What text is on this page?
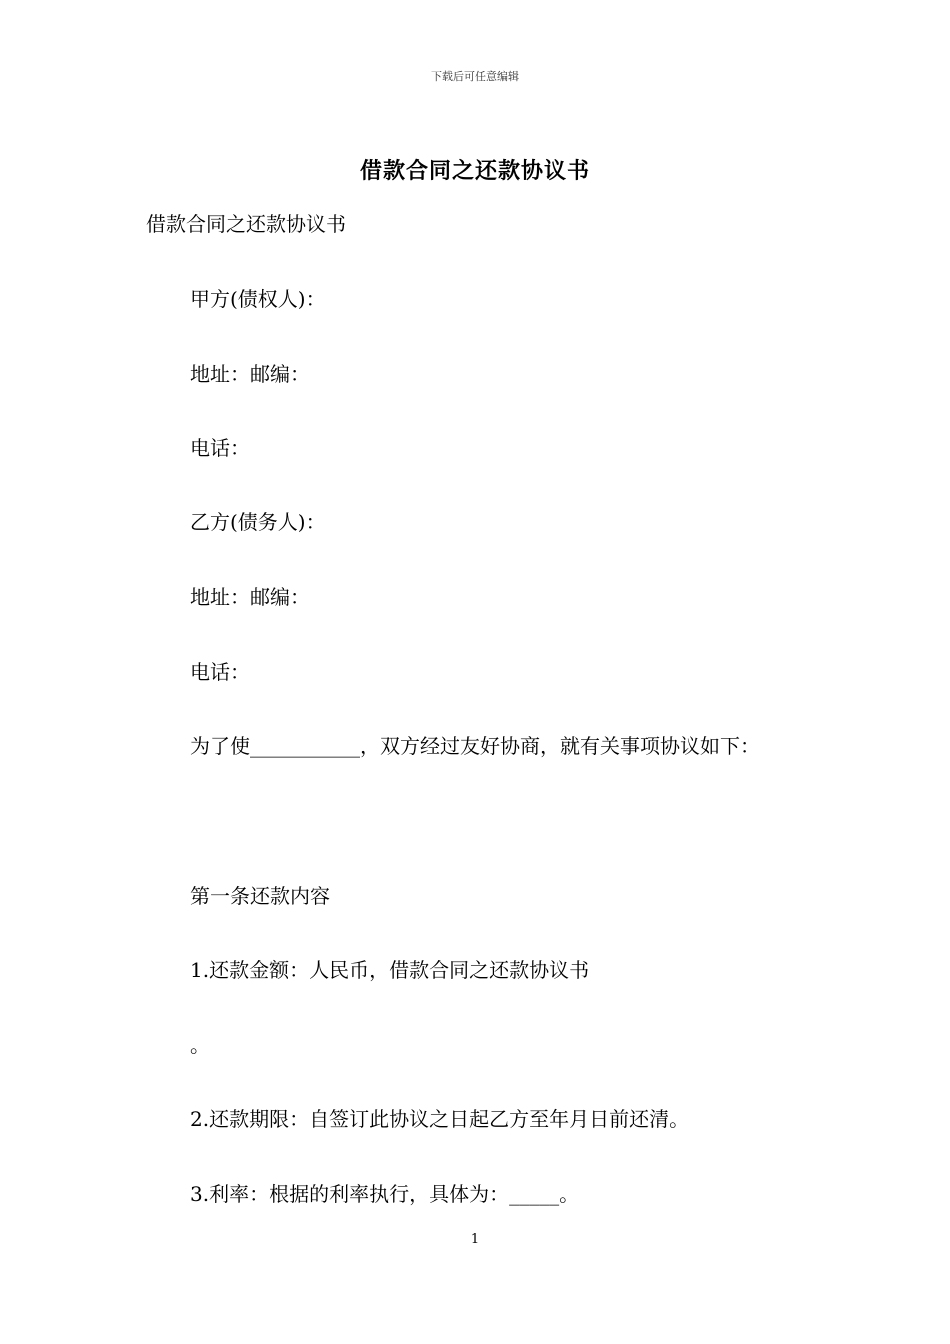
下载后可任意编辑
借款合同之还款协议书
借款合同之还款协议书
甲方(债权人)：
地址：邮编：
电话：
乙方(债务人)：
地址：邮编：
电话：
为了使___________，双方经过友好协商，就有关事项协议如下：
第一条还款内容
1.还款金额：人民币，借款合同之还款协议书
。
2.还款期限：自签订此协议之日起乙方至年月日前还清。
3.利率：根据的利率执行，具体为：_____。
1
